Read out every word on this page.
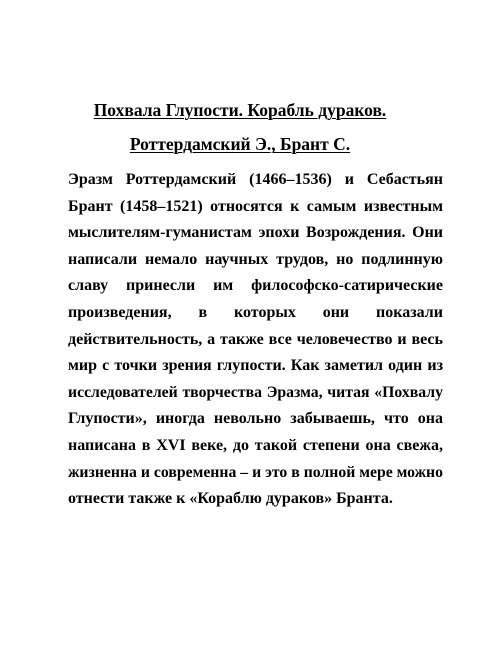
Похвала Глупости. Корабль дураков.
Роттердамский Э., Брант С.
Эразм Роттердамский (1466–1536) и Себастьян
Брант (1458–1521) относятся к самым известным
мыслителям-гуманистам эпохи Возрождения. Они
написали немало научных трудов, но подлинную
славу принесли им философско-сатирические
произведения, в которых они показали
действительность, а также все человечество и весь
мир с точки зрения глупости. Как заметил один из
исследователей творчества Эразма, читая «Похвалу
Глупости», иногда невольно забываешь, что она
написана в XVI веке, до такой степени она свежа,
жизненна и современна – и это в полной мере можно
отнести также к «Кораблю дураков» Бранта.
